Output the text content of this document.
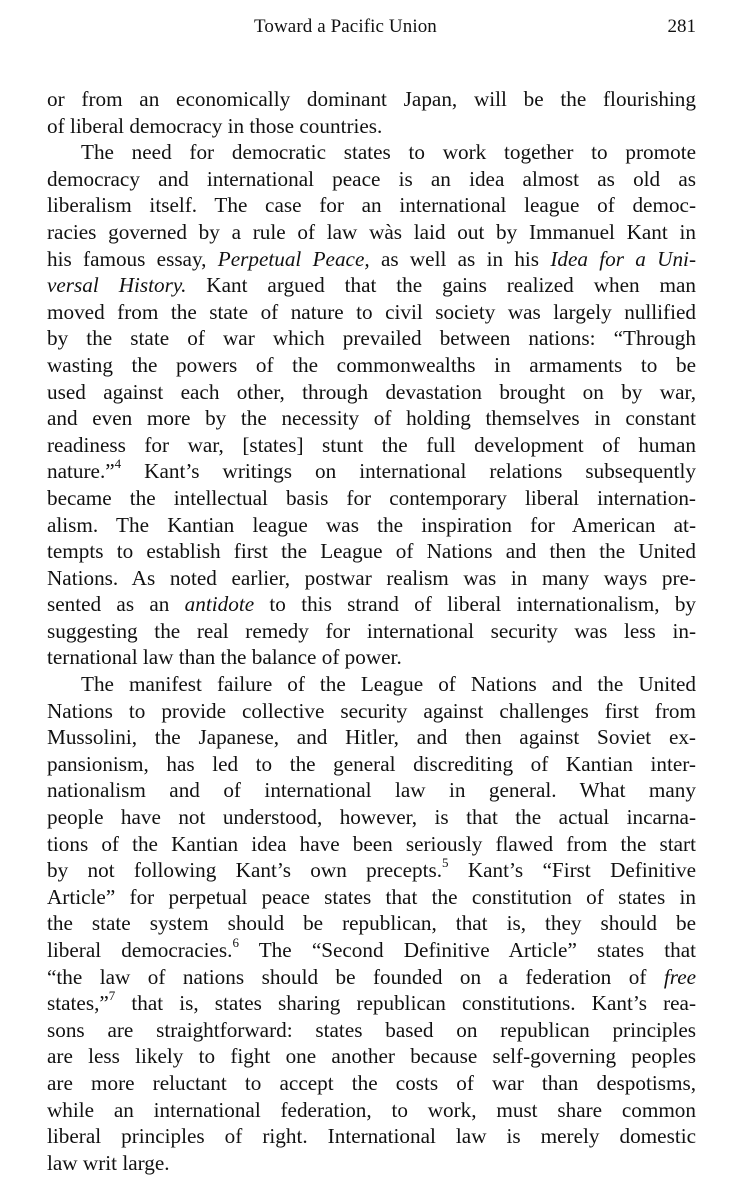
Toward a Pacific Union	281
or from an economically dominant Japan, will be the flourishing
of liberal democracy in those countries.
The need for democratic states to work together to promote
democracy and international peace is an idea almost as old as
liberalism itself. The case for an international league of democ-
racies governed by a rule of law wàs laid out by Immanuel Kant in
his famous essay, Perpetual Peace, as well as in his Idea for a Uni-
versal History. Kant argued that the gains realized when man
moved from the state of nature to civil society was largely nullified
by the state of war which prevailed between nations: “Through
wasting the powers of the commonwealths in armaments to be
used against each other, through devastation brought on by war,
and even more by the necessity of holding themselves in constant
readiness for war, [states] stunt the full development of human
nature.”$^4$ Kant’s writings on international relations subsequently
became the intellectual basis for contemporary liberal internation-
alism. The Kantian league was the inspiration for American at-
tempts to establish first the League of Nations and then the United
Nations. As noted earlier, postwar realism was in many ways pre-
sented as an antidote to this strand of liberal internationalism, by
suggesting the real remedy for international security was less in-
ternational law than the balance of power.
The manifest failure of the League of Nations and the United
Nations to provide collective security against challenges first from
Mussolini, the Japanese, and Hitler, and then against Soviet ex-
pansionism, has led to the general discrediting of Kantian inter-
nationalism and of international law in general. What many
people have not understood, however, is that the actual incarna-
tions of the Kantian idea have been seriously flawed from the start
by not following Kant’s own precepts.$^5$ Kant’s “First Definitive
Article” for perpetual peace states that the constitution of states in
the state system should be republican, that is, they should be
liberal democracies.$^6$ The “Second Definitive Article” states that
“the law of nations should be founded on a federation of free
states,”$^7$ that is, states sharing republican constitutions. Kant’s rea-
sons are straightforward: states based on republican principles
are less likely to fight one another because self-governing peoples
are more reluctant to accept the costs of war than despotisms,
while an international federation, to work, must share common
liberal principles of right. International law is merely domestic
law writ large.
